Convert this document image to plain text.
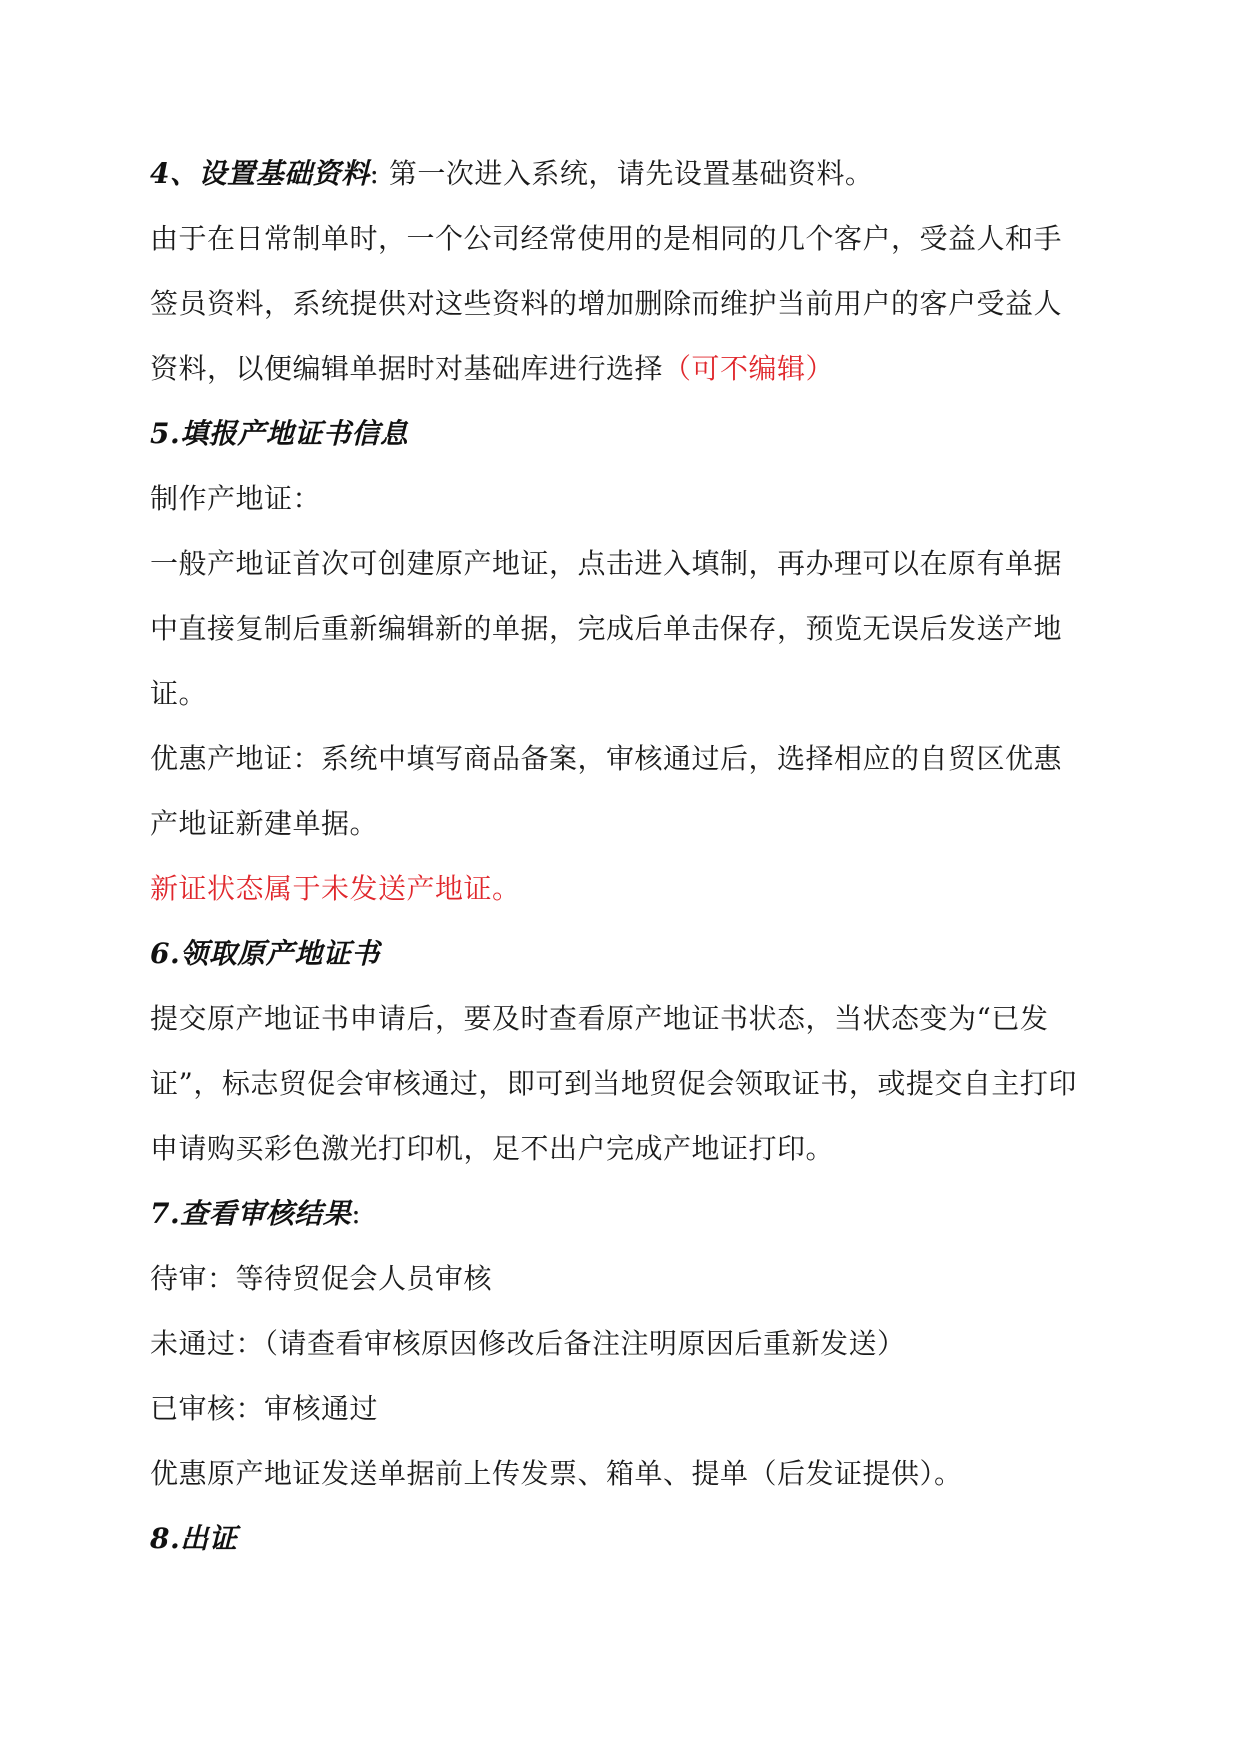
4、设置基础资料: 第一次进入系统，请先设置基础资料。
由于在日常制单时，一个公司经常使用的是相同的几个客户，受益人和手
签员资料，系统提供对这些资料的增加删除而维护当前用户的客户受益人
资料，以便编辑单据时对基础库进行选择（可不编辑）
5.填报产地证书信息
制作产地证：
一般产地证首次可创建原产地证，点击进入填制，再办理可以在原有单据
中直接复制后重新编辑新的单据，完成后单击保存，预览无误后发送产地
证。
优惠产地证：系统中填写商品备案，审核通过后，选择相应的自贸区优惠
产地证新建单据。
新证状态属于未发送产地证。
6.领取原产地证书
提交原产地证书申请后，要及时查看原产地证书状态，当状态变为“已发
证”，标志贸促会审核通过，即可到当地贸促会领取证书，或提交自主打印
申请购买彩色激光打印机，足不出户完成产地证打印。
7.查看审核结果:
待审：等待贸促会人员审核
未通过：（请查看审核原因修改后备注注明原因后重新发送）
已审核：审核通过
优惠原产地证发送单据前上传发票、箱单、提单（后发证提供）。
8.出证
